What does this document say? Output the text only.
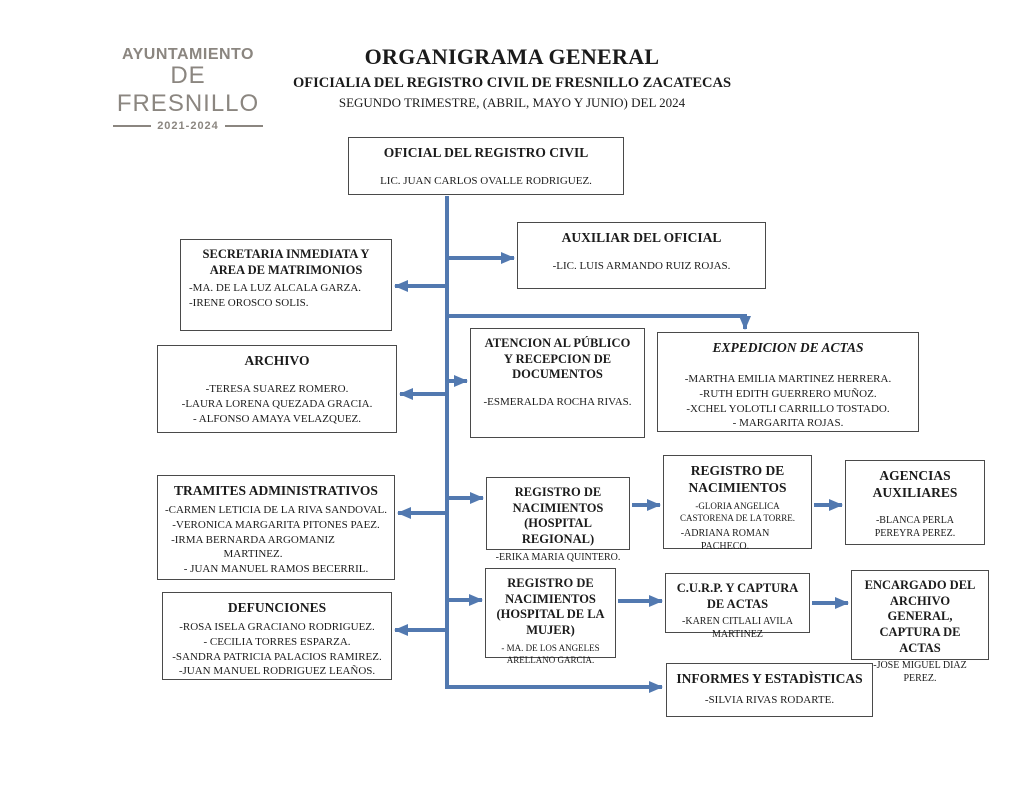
AYUNTAMIENTO
DE FRESNILLO
2021-2024
ORGANIGRAMA GENERAL
OFICIALIA DEL REGISTRO CIVIL DE FRESNILLO ZACATECAS
SEGUNDO TRIMESTRE, (ABRIL, MAYO Y JUNIO) DEL 2024
OFICIAL DEL REGISTRO CIVIL
LIC. JUAN CARLOS OVALLE RODRIGUEZ.
AUXILIAR DEL OFICIAL
-LIC. LUIS ARMANDO RUIZ ROJAS.
SECRETARIA INMEDIATA Y AREA DE MATRIMONIOS
-MA. DE LA LUZ ALCALA GARZA.
-IRENE OROSCO SOLIS.
ARCHIVO
-TERESA SUAREZ ROMERO.
-LAURA LORENA QUEZADA GRACIA.
- ALFONSO AMAYA VELAZQUEZ.
ATENCION AL PÚBLICO Y RECEPCION DE DOCUMENTOS
-ESMERALDA ROCHA RIVAS.
EXPEDICION DE ACTAS
-MARTHA EMILIA MARTINEZ HERRERA.
-RUTH EDITH GUERRERO MUÑOZ.
-XCHEL YOLOTLI CARRILLO TOSTADO.
- MARGARITA ROJAS.
TRAMITES ADMINISTRATIVOS
-CARMEN LETICIA DE LA RIVA SANDOVAL.
-VERONICA MARGARITA PITONES PAEZ.
-IRMA BERNARDA ARGOMANIZ MARTINEZ.
- JUAN MANUEL RAMOS BECERRIL.
REGISTRO DE NACIMIENTOS (HOSPITAL REGIONAL)
-ERIKA MARIA QUINTERO.
REGISTRO DE NACIMIENTOS
-GLORIA ANGELICA CASTORENA DE LA TORRE.
-ADRIANA ROMAN PACHECO.
AGENCIAS AUXILIARES
-BLANCA PERLA PEREYRA PEREZ.
DEFUNCIONES
-ROSA ISELA GRACIANO RODRIGUEZ.
- CECILIA TORRES ESPARZA.
-SANDRA PATRICIA PALACIOS RAMIREZ.
-JUAN MANUEL RODRIGUEZ LEAÑOS.
REGISTRO DE NACIMIENTOS (HOSPITAL DE LA MUJER)
- MA. DE LOS ANGELES ARELLANO GARCIA.
C.U.R.P. Y CAPTURA DE ACTAS
-KAREN CITLALI AVILA MARTINEZ
ENCARGADO DEL ARCHIVO GENERAL, CAPTURA DE ACTAS
-JOSE MIGUEL DIAZ PEREZ.
INFORMES Y ESTADÌSTICAS
-SILVIA RIVAS RODARTE.
